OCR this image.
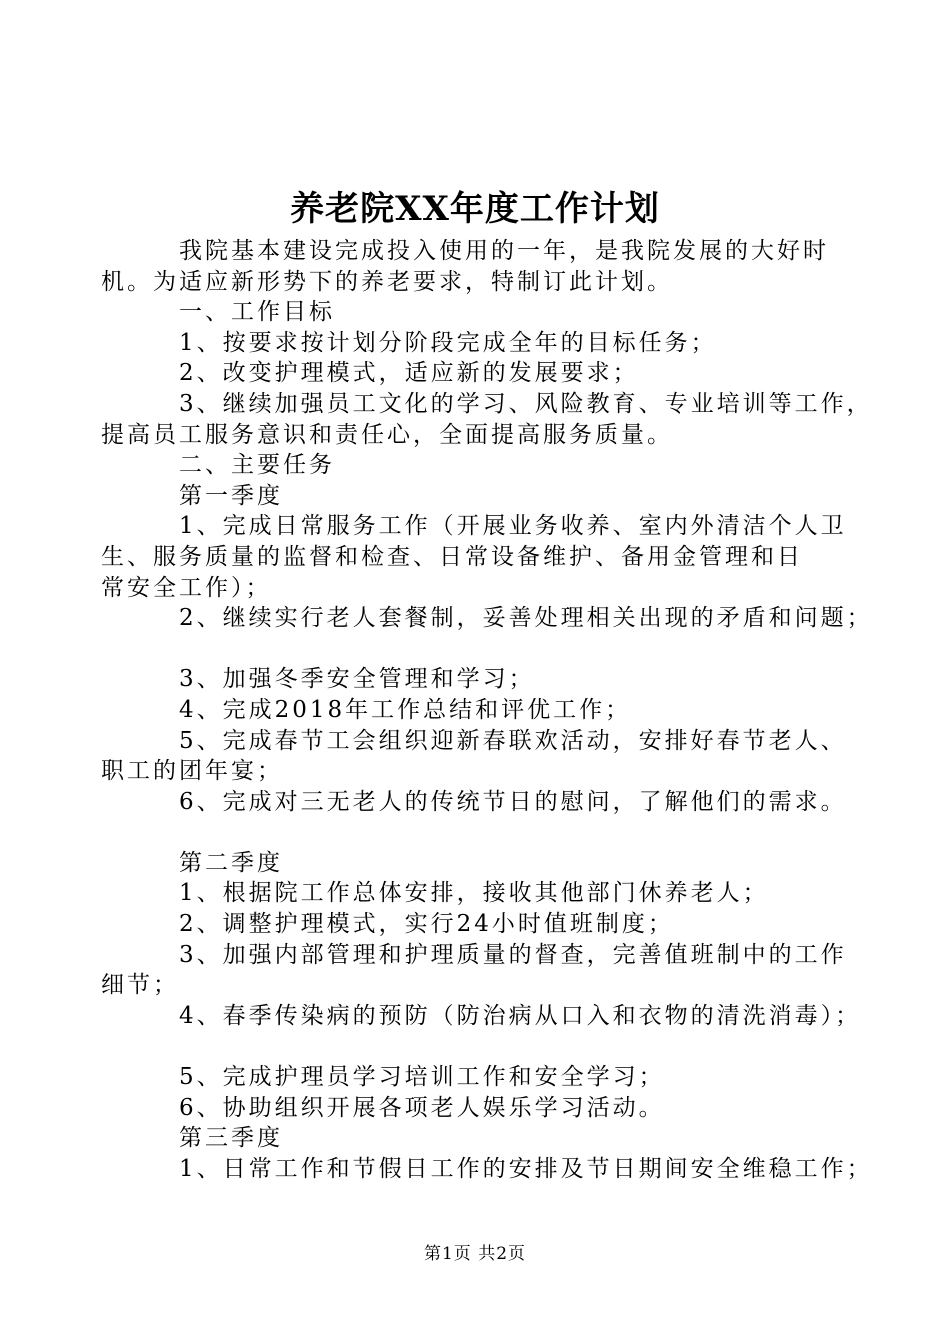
养老院XX年度工作计划
我院基本建设完成投入使用的一年，是我院发展的大好时
机。为适应新形势下的养老要求，特制订此计划。
一、工作目标
1、按要求按计划分阶段完成全年的目标任务；
2、改变护理模式，适应新的发展要求；
3、继续加强员工文化的学习、风险教育、专业培训等工作，
提高员工服务意识和责任心，全面提高服务质量。
二、主要任务
第一季度
1、完成日常服务工作（开展业务收养、室内外清洁个人卫
生、服务质量的监督和检查、日常设备维护、备用金管理和日
常安全工作）；
2、继续实行老人套餐制，妥善处理相关出现的矛盾和问题；
3、加强冬季安全管理和学习；
4、完成2018年工作总结和评优工作；
5、完成春节工会组织迎新春联欢活动，安排好春节老人、
职工的团年宴；
6、完成对三无老人的传统节日的慰问，了解他们的需求。
第二季度
1、根据院工作总体安排，接收其他部门休养老人；
2、调整护理模式，实行24小时值班制度；
3、加强内部管理和护理质量的督查，完善值班制中的工作
细节；
4、春季传染病的预防（防治病从口入和衣物的清洗消毒）；
5、完成护理员学习培训工作和安全学习；
6、协助组织开展各项老人娱乐学习活动。
第三季度
1、日常工作和节假日工作的安排及节日期间安全维稳工作；
第1页 共2页
